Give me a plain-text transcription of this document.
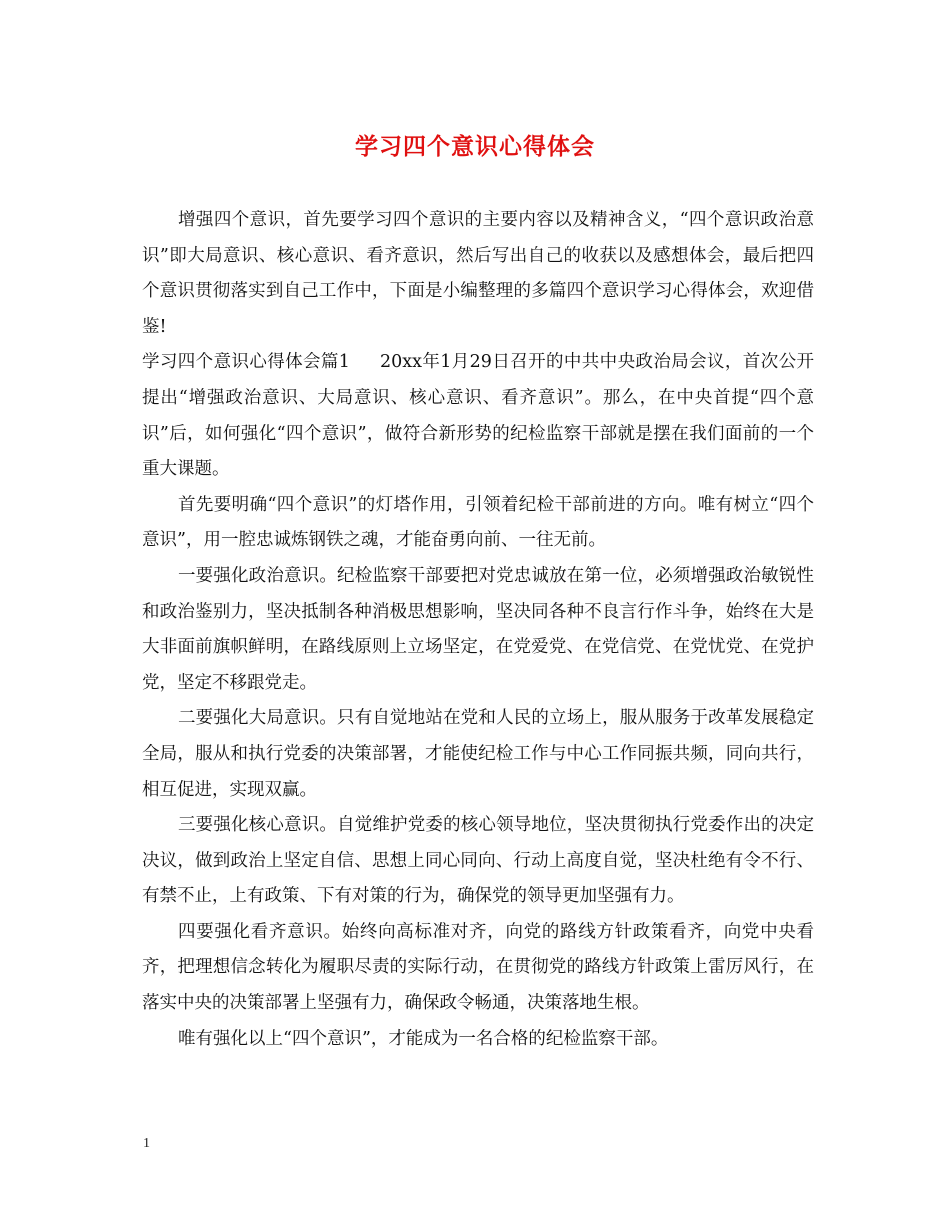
学习四个意识心得体会

增强四个意识，首先要学习四个意识的主要内容以及精神含义，“四个意识政治意识”即大局意识、核心意识、看齐意识，然后写出自己的收获以及感想体会，最后把四个意识贯彻落实到自己工作中，下面是小编整理的多篇四个意识学习心得体会，欢迎借鉴!

学习四个意识心得体会篇1 20xx年1月29日召开的中共中央政治局会议，首次公开提出“增强政治意识、大局意识、核心意识、看齐意识”。那么，在中央首提“四个意识”后，如何强化“四个意识”，做符合新形势的纪检监察干部就是摆在我们面前的一个重大课题。

首先要明确“四个意识”的灯塔作用，引领着纪检干部前进的方向。唯有树立“四个意识”，用一腔忠诚炼钢铁之魂，才能奋勇向前、一往无前。

一要强化政治意识。纪检监察干部要把对党忠诚放在第一位，必须增强政治敏锐性和政治鉴别力，坚决抵制各种消极思想影响，坚决同各种不良言行作斗争，始终在大是大非面前旗帜鲜明，在路线原则上立场坚定，在党爱党、在党信党、在党忧党、在党护党，坚定不移跟党走。

二要强化大局意识。只有自觉地站在党和人民的立场上，服从服务于改革发展稳定全局，服从和执行党委的决策部署，才能使纪检工作与中心工作同振共频，同向共行，相互促进，实现双赢。

三要强化核心意识。自觉维护党委的核心领导地位，坚决贯彻执行党委作出的决定决议，做到政治上坚定自信、思想上同心同向、行动上高度自觉，坚决杜绝有令不行、有禁不止，上有政策、下有对策的行为，确保党的领导更加坚强有力。

四要强化看齐意识。始终向高标准对齐，向党的路线方针政策看齐，向党中央看齐，把理想信念转化为履职尽责的实际行动，在贯彻党的路线方针政策上雷厉风行，在落实中央的决策部署上坚强有力，确保政令畅通，决策落地生根。

唯有强化以上“四个意识”，才能成为一名合格的纪检监察干部。

1
